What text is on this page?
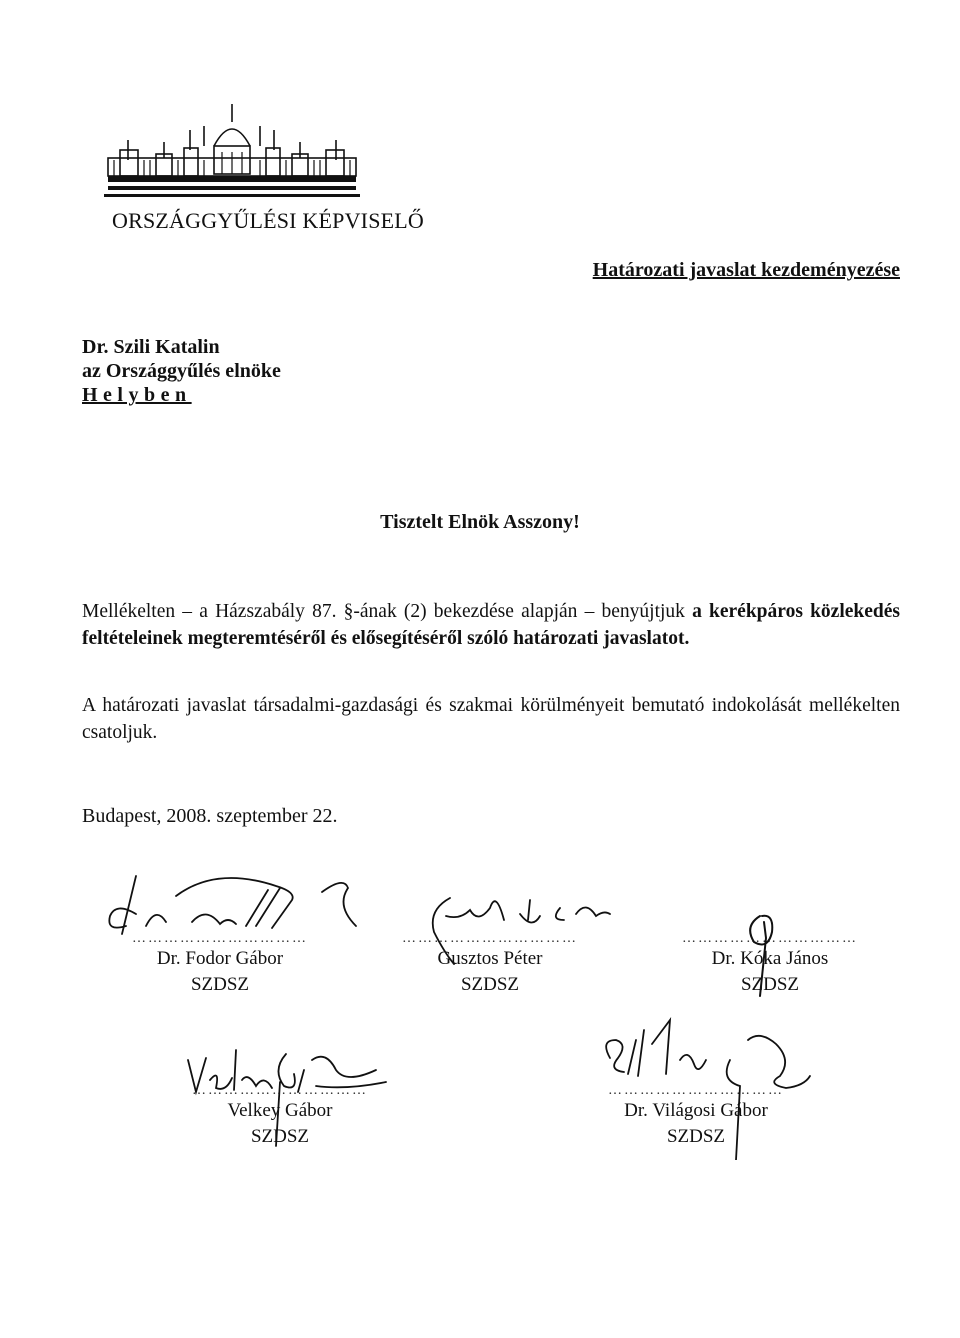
ORSZÁGGYŰLÉSI KÉPVISELŐ
Határozati javaslat kezdeményezése
Dr. Szili Katalin
az Országgyűlés elnöke
Helyben
Tisztelt Elnök Asszony!
Mellékelten – a Házszabály 87. §-ának (2) bekezdése alapján – benyújtjuk a kerékpáros közlekedés feltételeinek megteremtéséről és elősegítéséről szóló határozati javaslatot.
A határozati javaslat társadalmi-gazdasági és szakmai körülményeit bemutató indokolását mellékelten csatoljuk.
Budapest, 2008. szeptember 22.
……………………………
Dr. Fodor Gábor
SZDSZ
……………………………
Gusztos Péter
SZDSZ
……………………………
Dr. Kóka János
SZDSZ
……………………………
Velkey Gábor
SZDSZ
……………………………
Dr. Világosi Gábor
SZDSZ
